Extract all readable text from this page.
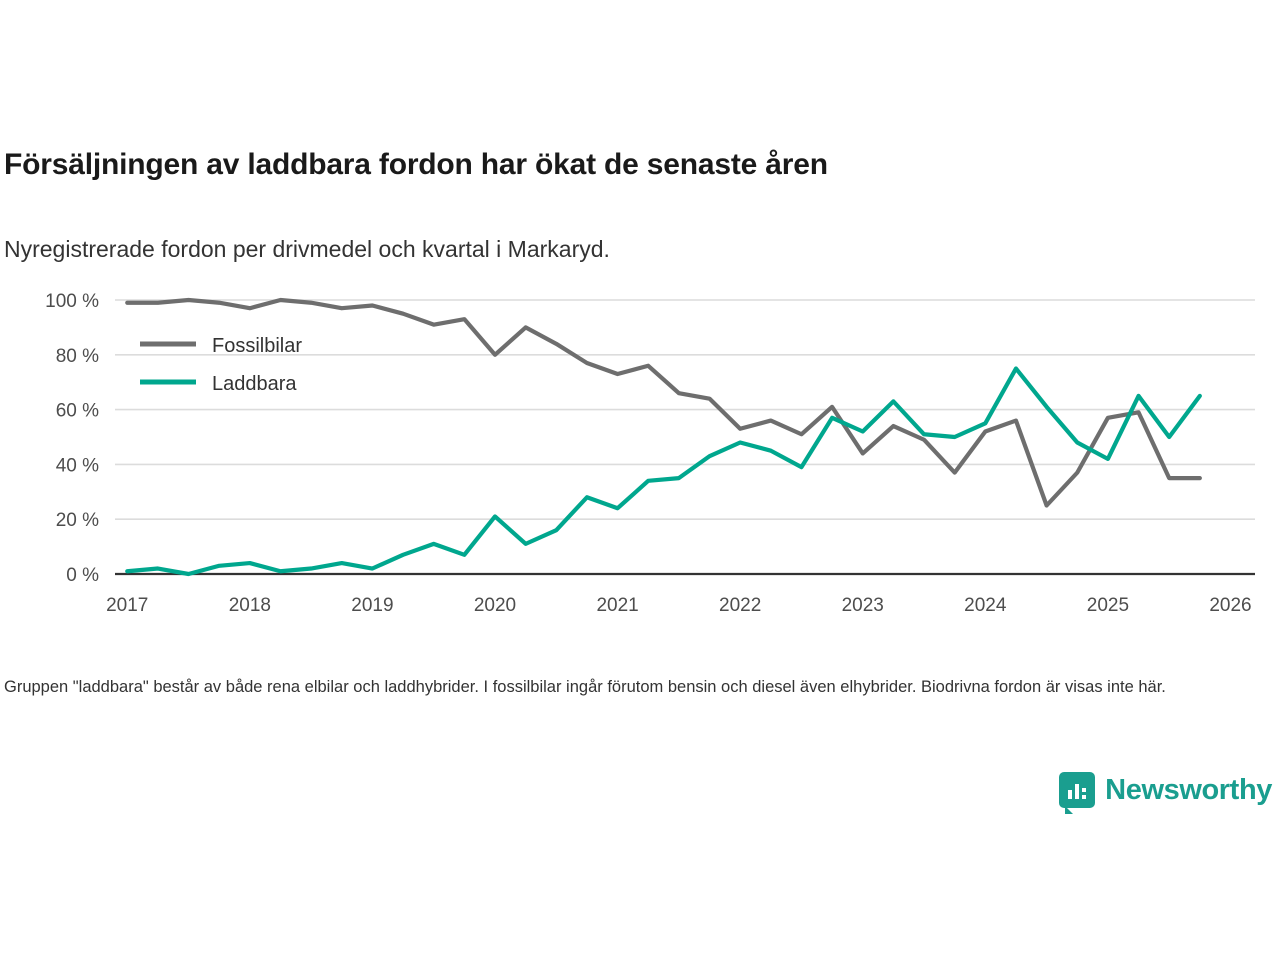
Försäljningen av laddbara fordon har ökat de senaste åren
Nyregistrerade fordon per drivmedel och kvartal i Markaryd.
0 %
20 %
40 %
60 %
80 %
100 %
2017	2018	2019	2020	2021	2022	2023	2024	2025	2026
Fossilbilar
Laddbara
Gruppen "laddbara" består av både rena elbilar och laddhybrider. I fossilbilar ingår förutom bensin och diesel även elhybrider. Biodrivna fordon är visas inte här.
Newsworthy
